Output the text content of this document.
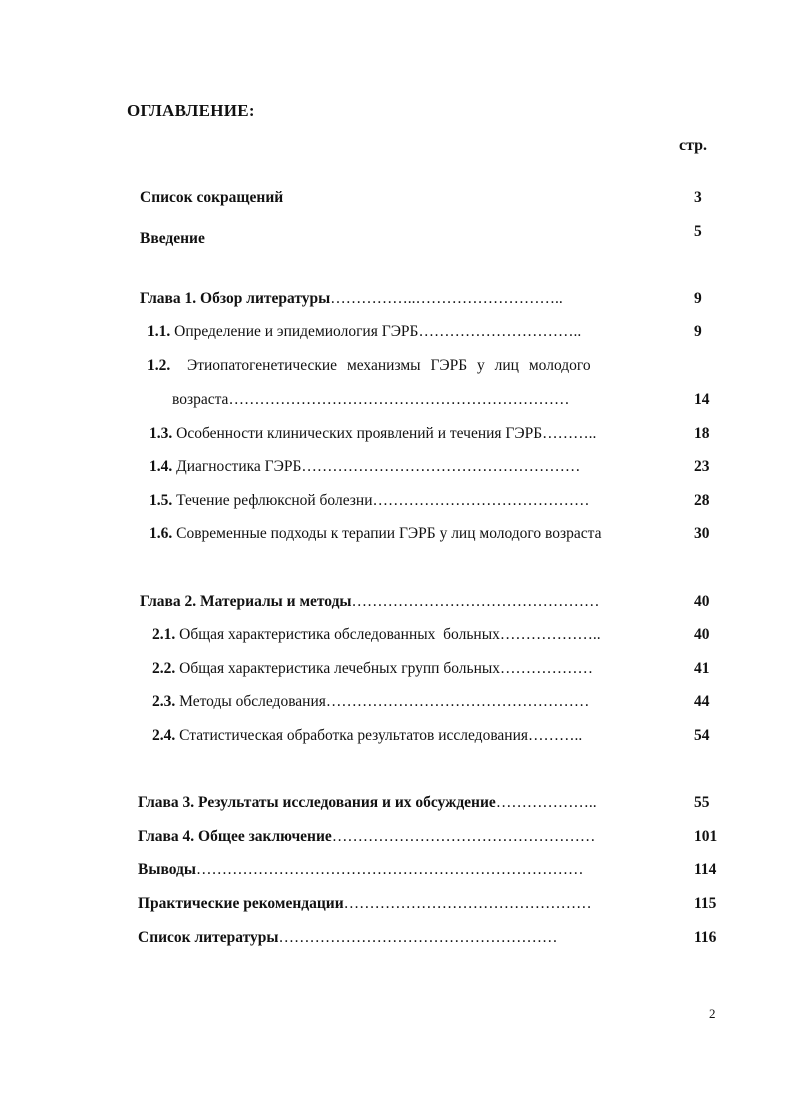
ОГЛАВЛЕНИЕ:
стр.
Список сокращений	3
Введение	5
Глава 1. Обзор литературы……………..………………………..	9
1.1. Определение и эпидемиология ГЭРБ…………………………..	9
1.2. Этиопатогенетические механизмы ГЭРБ у лиц молодого
возраста…………………………………………………………	14
1.3. Особенности клинических проявлений и течения ГЭРБ………..	18
1.4. Диагностика ГЭРБ………………………………………………	23
1.5. Течение рефлюксной болезни……………………………………	28
1.6. Современные подходы к терапии ГЭРБ у лиц молодого возраста	30
Глава 2. Материалы и методы…………………………………………	40
2.1. Общая характеристика обследованных  больных………………..	40
2.2. Общая характеристика лечебных групп больных………………	41
2.3. Методы обследования……………………………………………	44
2.4. Статистическая обработка результатов исследования………..	54
Глава 3. Результаты исследования и их обсуждение………………..	55
Глава 4. Общее заключение……………………………………………	101
Выводы…………………………………………………………………	114
Практические рекомендации…………………………………………	115
Список литературы………………………………………………	116
2
